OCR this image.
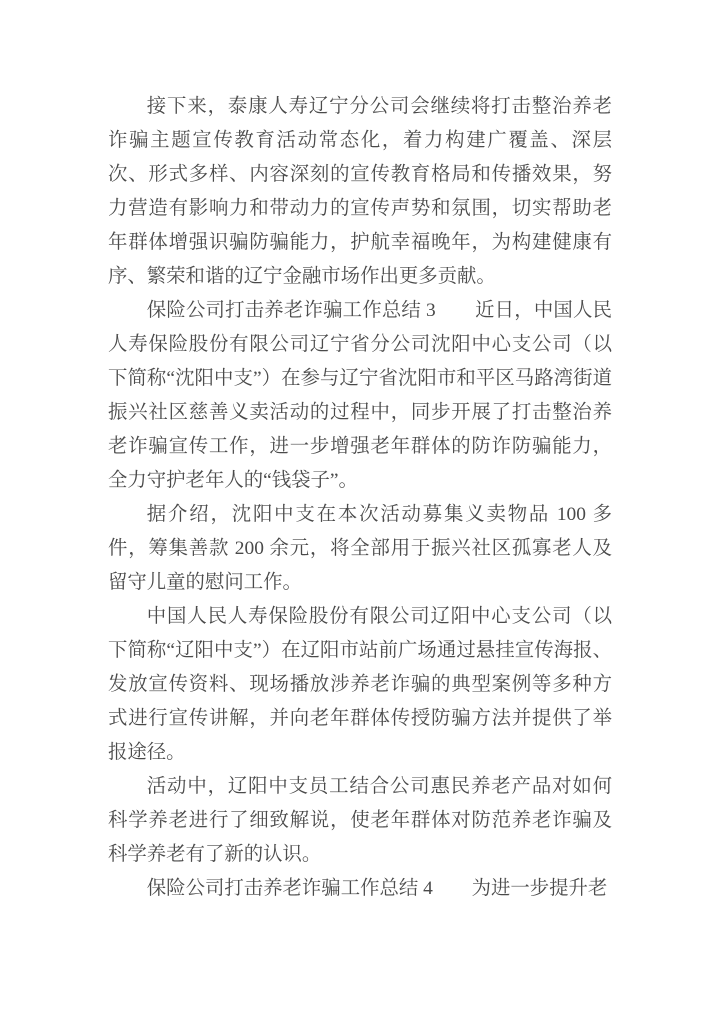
接下来，泰康人寿辽宁分公司会继续将打击整治养老诈骗主题宣传教育活动常态化，着力构建广覆盖、深层次、形式多样、内容深刻的宣传教育格局和传播效果，努力营造有影响力和带动力的宣传声势和氛围，切实帮助老年群体增强识骗防骗能力，护航幸福晚年，为构建健康有序、繁荣和谐的辽宁金融市场作出更多贡献。

保险公司打击养老诈骗工作总结 3　　近日，中国人民人寿保险股份有限公司辽宁省分公司沈阳中心支公司（以下简称“沈阳中支”）在参与辽宁省沈阳市和平区马路湾街道振兴社区慈善义卖活动的过程中，同步开展了打击整治养老诈骗宣传工作，进一步增强老年群体的防诈防骗能力，全力守护老年人的“钱袋子”。

据介绍，沈阳中支在本次活动募集义卖物品 100 多件，筹集善款 200 余元，将全部用于振兴社区孤寡老人及留守儿童的慰问工作。

中国人民人寿保险股份有限公司辽阳中心支公司（以下简称“辽阳中支”）在辽阳市站前广场通过悬挂宣传海报、发放宣传资料、现场播放涉养老诈骗的典型案例等多种方式进行宣传讲解，并向老年群体传授防骗方法并提供了举报途径。

活动中，辽阳中支员工结合公司惠民养老产品对如何科学养老进行了细致解说，使老年群体对防范养老诈骗及科学养老有了新的认识。

保险公司打击养老诈骗工作总结 4　　为进一步提升老
